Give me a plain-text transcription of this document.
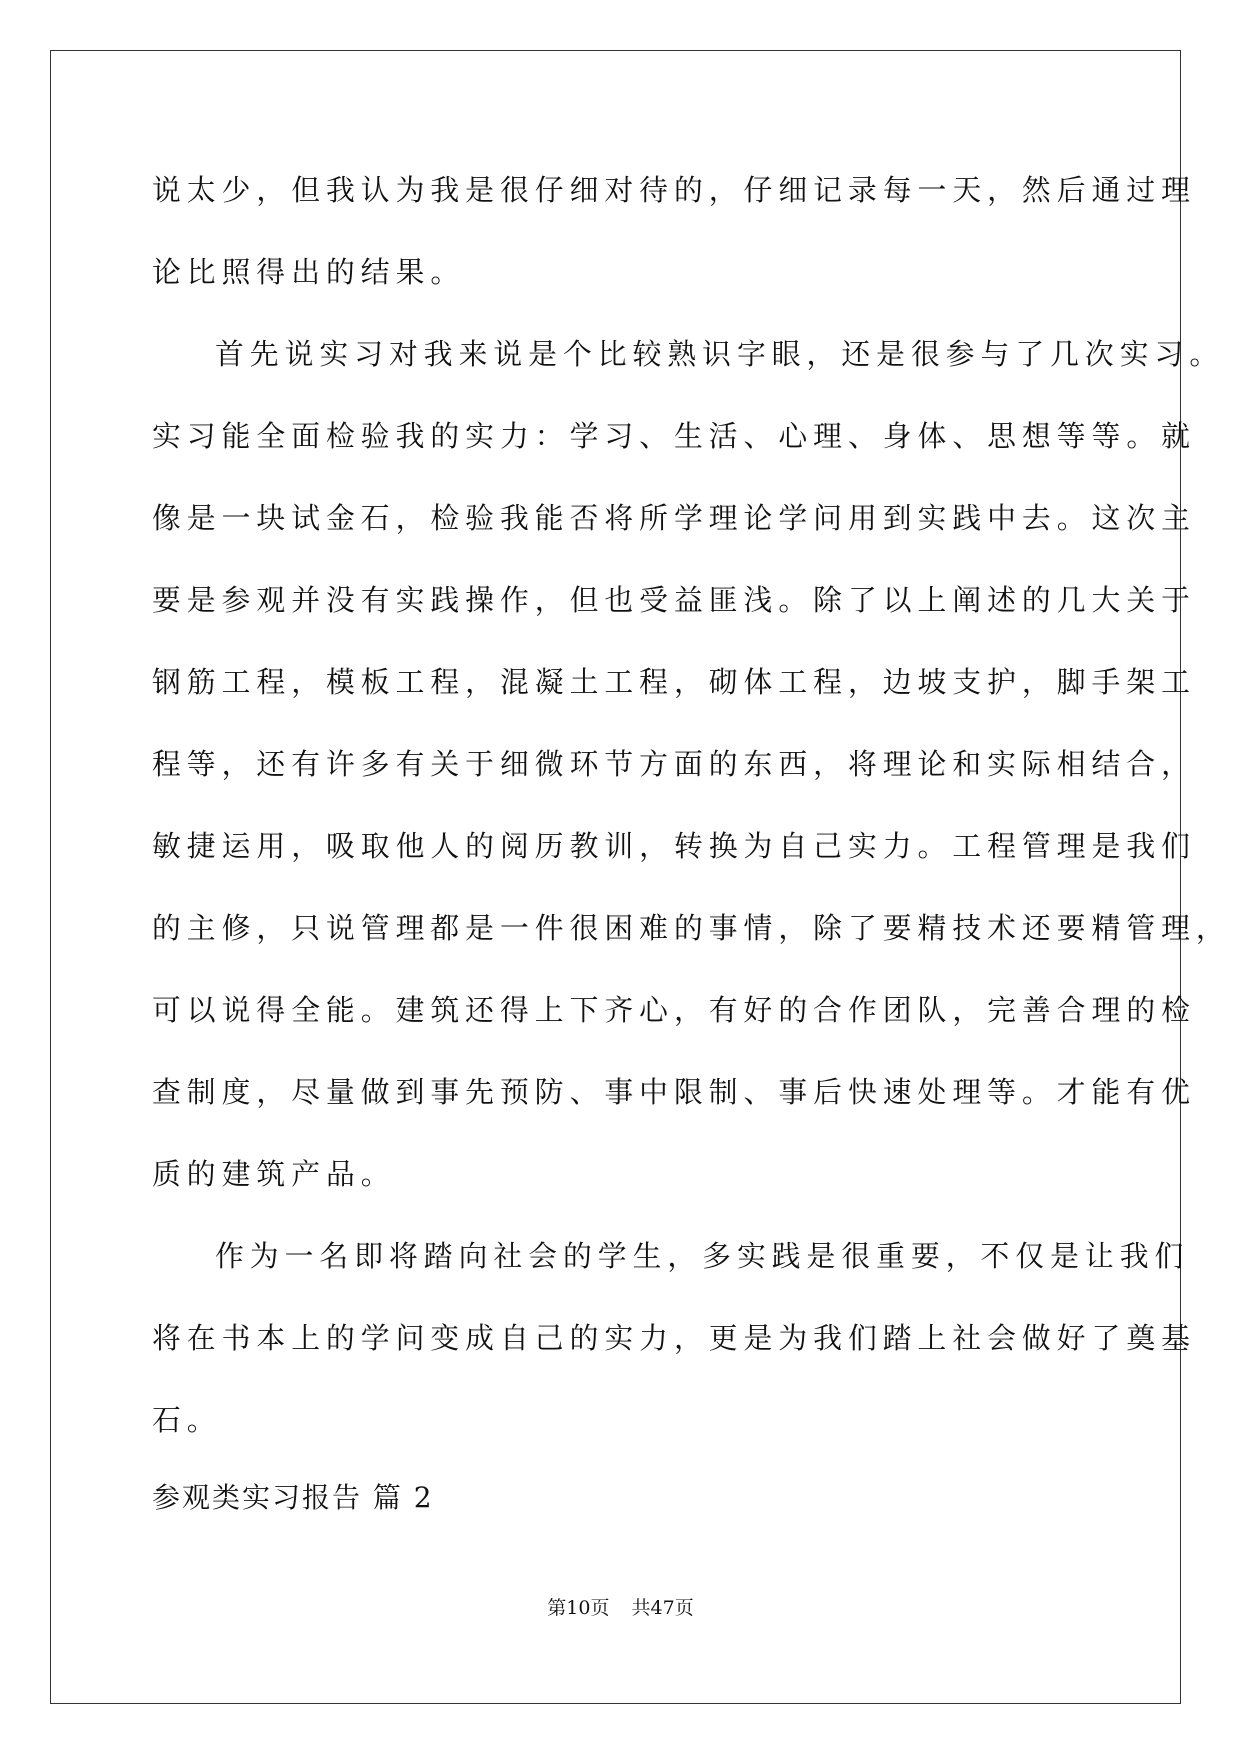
说太少，但我认为我是很仔细对待的，仔细记录每一天，然后通过理
论比照得出的结果。
首先说实习对我来说是个比较熟识字眼，还是很参与了几次实习。
实习能全面检验我的实力：学习、生活、心理、身体、思想等等。就
像是一块试金石，检验我能否将所学理论学问用到实践中去。这次主
要是参观并没有实践操作，但也受益匪浅。除了以上阐述的几大关于
钢筋工程，模板工程，混凝土工程，砌体工程，边坡支护，脚手架工
程等，还有许多有关于细微环节方面的东西，将理论和实际相结合，
敏捷运用，吸取他人的阅历教训，转换为自己实力。工程管理是我们
的主修，只说管理都是一件很困难的事情，除了要精技术还要精管理，
可以说得全能。建筑还得上下齐心，有好的合作团队，完善合理的检
查制度，尽量做到事先预防、事中限制、事后快速处理等。才能有优
质的建筑产品。
作为一名即将踏向社会的学生，多实践是很重要，不仅是让我们
将在书本上的学问变成自己的实力，更是为我们踏上社会做好了奠基
石。
参观类实习报告 篇 2
第10页 共47页
